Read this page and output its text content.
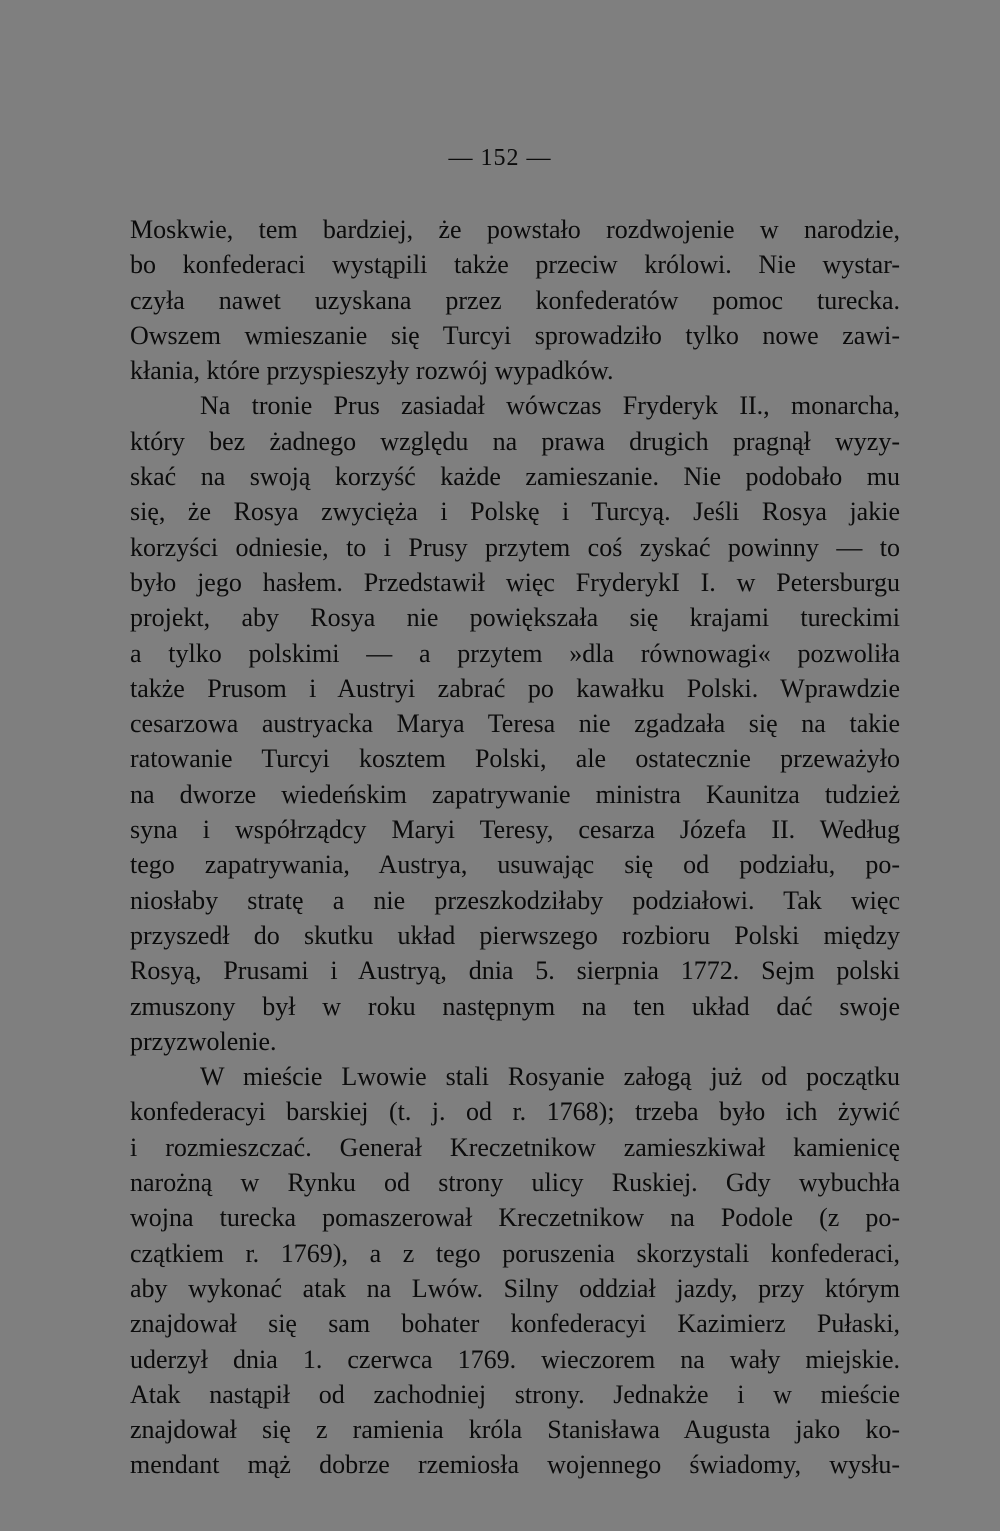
— 152 —
Moskwie, tem bardziej, że powstało rozdwojenie w narodzie,
bo konfederaci wystąpili także przeciw królowi. Nie wystar-
czyła nawet uzyskana przez konfederatów pomoc turecka.
Owszem wmieszanie się Turcyi sprowadziło tylko nowe zawi-
kłania, które przyspieszyły rozwój wypadków.
Na tronie Prus zasiadał wówczas Fryderyk II., monarcha,
który bez żadnego względu na prawa drugich pragnął wyzy-
skać na swoją korzyść każde zamieszanie. Nie podobało mu
się, że Rosya zwycięża i Polskę i Turcyą. Jeśli Rosya jakie
korzyści odniesie, to i Prusy przytem coś zyskać powinny — to
było jego hasłem. Przedstawił więc FryderykI I. w Petersburgu
projekt, aby Rosya nie powiększała się krajami tureckimi
a tylko polskimi — a przytem »dla równowagi« pozwoliła
także Prusom i Austryi zabrać po kawałku Polski. Wprawdzie
cesarzowa austryacka Marya Teresa nie zgadzała się na takie
ratowanie Turcyi kosztem Polski, ale ostatecznie przeważyło
na dworze wiedeńskim zapatrywanie ministra Kaunitza tudzież
syna i współrządcy Maryi Teresy, cesarza Józefa II. Według
tego zapatrywania, Austrya, usuwając się od podziału, po-
niosłaby stratę a nie przeszkodziłaby podziałowi. Tak więc
przyszedł do skutku układ pierwszego rozbioru Polski między
Rosyą, Prusami i Austryą, dnia 5. sierpnia 1772. Sejm polski
zmuszony był w roku następnym na ten układ dać swoje
przyzwolenie.
W mieście Lwowie stali Rosyanie załogą już od początku
konfederacyi barskiej (t. j. od r. 1768); trzeba było ich żywić
i rozmieszczać. Generał Kreczetnikow zamieszkiwał kamienicę
narożną w Rynku od strony ulicy Ruskiej. Gdy wybuchła
wojna turecka pomaszerował Kreczetnikow na Podole (z po-
czątkiem r. 1769), a z tego poruszenia skorzystali konfederaci,
aby wykonać atak na Lwów. Silny oddział jazdy, przy którym
znajdował się sam bohater konfederacyi Kazimierz Pułaski,
uderzył dnia 1. czerwca 1769. wieczorem na wały miejskie.
Atak nastąpił od zachodniej strony. Jednakże i w mieście
znajdował się z ramienia króla Stanisława Augusta jako ko-
mendant mąż dobrze rzemiosła wojennego świadomy, wysłu-
